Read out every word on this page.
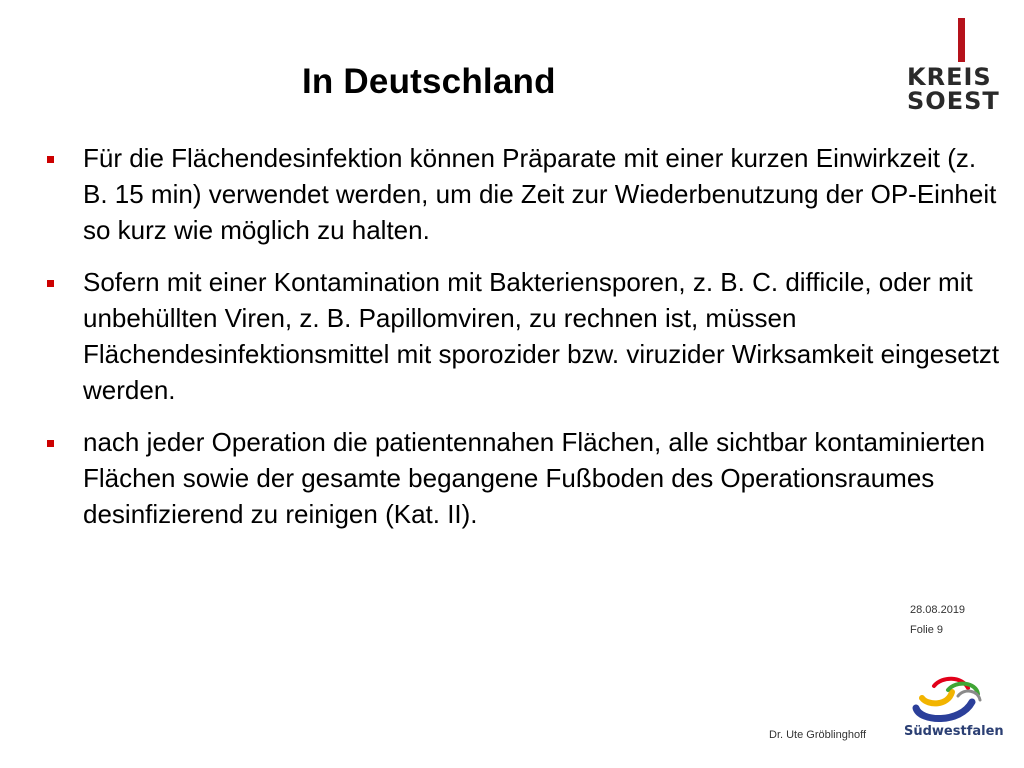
In Deutschland	KREIS
SOEST
Für die Flächendesinfektion können Präparate mit einer kurzen Einwirkzeit (z. B. 15 min) verwendet werden, um die Zeit zur Wiederbenutzung der OP-Einheit so kurz wie möglich zu halten.
Sofern mit einer Kontamination mit Bakteriensporen, z. B. C. difficile, oder mit unbehüllten Viren, z. B. Papillomviren, zu rechnen ist, müssen Flächendesinfektionsmittel mit sporozider bzw. viruzider Wirksamkeit eingesetzt werden.
nach jeder Operation die patientennahen Flächen, alle sichtbar kontaminierten Flächen sowie der gesamte begangene Fußboden des Operationsraumes desinfizierend zu reinigen (Kat. II).
28.08.2019
Folie 9
Dr. Ute Gröblinghoff	Südwestfalen
